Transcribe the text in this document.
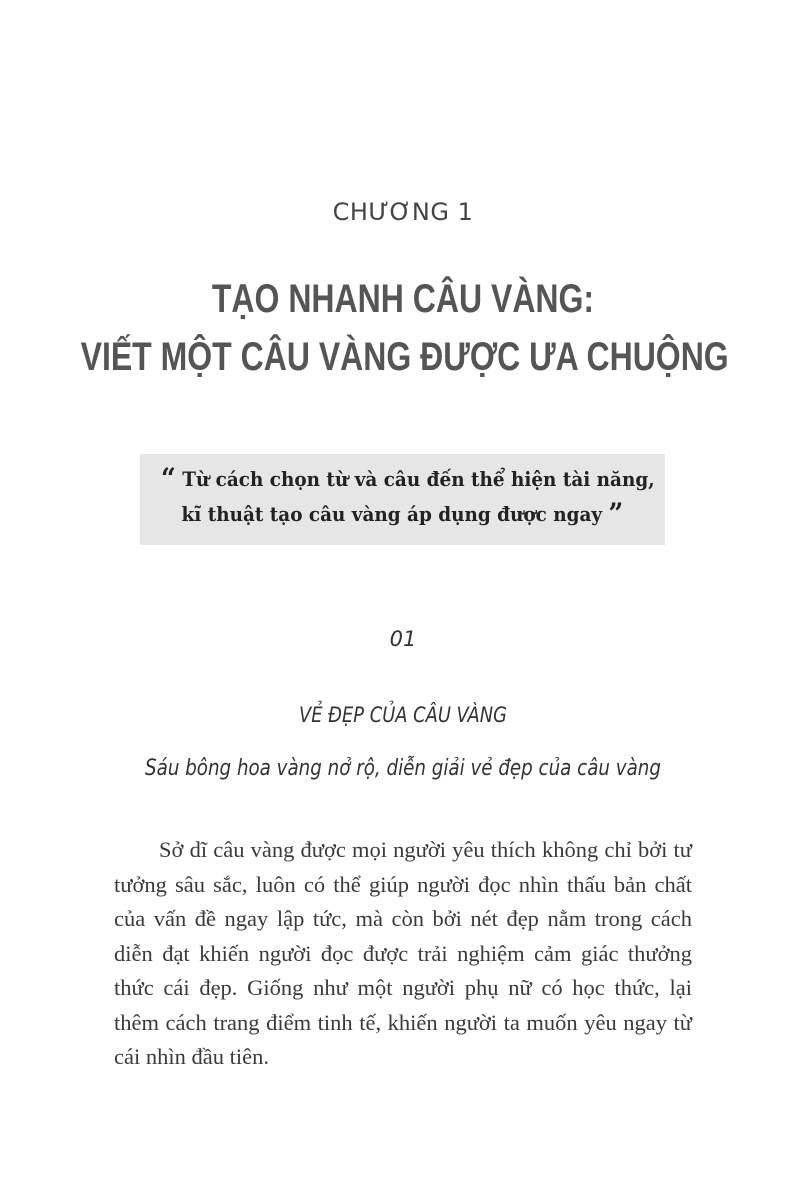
CHƯƠNG 1
TẠO NHANH CÂU VÀNG:
VIẾT MỘT CÂU VÀNG ĐƯỢC ƯA CHUỘNG
“ Từ cách chọn từ và câu đến thể hiện tài năng,
kĩ thuật tạo câu vàng áp dụng được ngay ”
01
VẺ ĐẸP CỦA CÂU VÀNG
Sáu bông hoa vàng nở rộ, diễn giải vẻ đẹp của câu vàng

Sở dĩ câu vàng được mọi người yêu thích không chỉ bởi tư tưởng sâu sắc, luôn có thể giúp người đọc nhìn thấu bản chất của vấn đề ngay lập tức, mà còn bởi nét đẹp nằm trong cách diễn đạt khiến người đọc được trải nghiệm cảm giác thưởng thức cái đẹp. Giống như một người phụ nữ có học thức, lại thêm cách trang điểm tinh tế, khiến người ta muốn yêu ngay từ cái nhìn đầu tiên.
